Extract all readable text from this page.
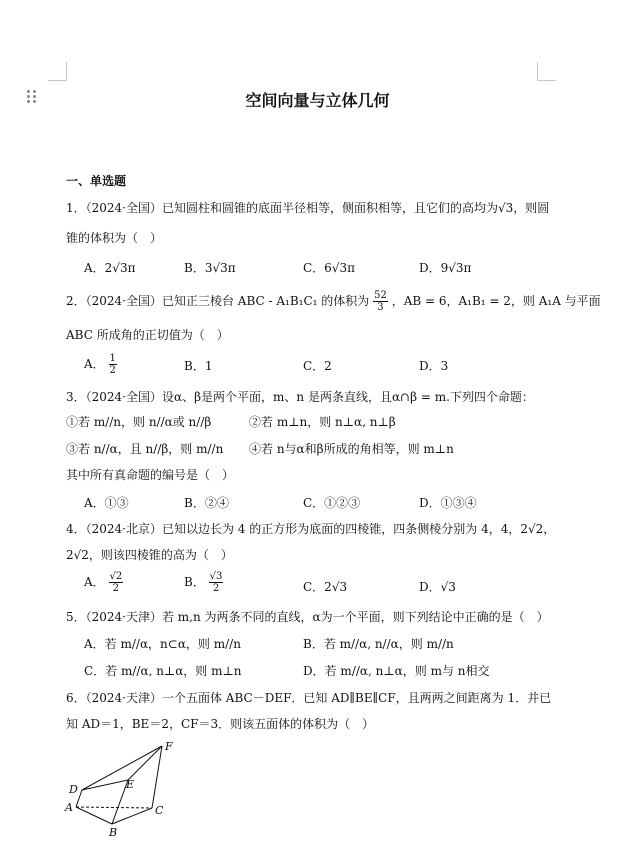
空间向量与立体几何
一、单选题
1．（2024·全国）已知圆柱和圆锥的底面半径相等，侧面积相等，且它们的高均为√3，则圆
锥的体积为（　）
A．2√3π	B．3√3π	C．6√3π	D．9√3π
2．（2024·全国）已知正三棱台 ABC - A₁B₁C₁ 的体积为 $\frac{52}{3}$ ，AB = 6，A₁B₁ = 2，则 A₁A 与平面
ABC 所成角的正切值为（　）
A． $\frac{1}{2}$	B．1	C．2	D．3
3．（2024·全国）设α、β是两个平面，m、n 是两条直线，且α∩β = m.下列四个命题：
①若 m//n，则 n//α或 n//β	②若 m⊥n，则 n⊥α, n⊥β
③若 n//α，且 n//β，则 m//n ④若 n与α和β所成的角相等，则 m⊥n
其中所有真命题的编号是（　）
A．①③	B．②④	C．①②③	D．①③④
4．（2024·北京）已知以边长为 4 的正方形为底面的四棱锥，四条侧棱分别为 4，4，2√2，
2√2，则该四棱锥的高为（　）
A． $\frac{√2}{2}$	B． $\frac{√3}{2}$	C．2√3	D．√3
5．（2024·天津）若 m,n 为两条不同的直线，α为一个平面，则下列结论中正确的是（　）
A．若 m//α，n⊂α，则 m//n	B．若 m//α, n//α，则 m//n
C．若 m//α, n⊥α，则 m⊥n	D．若 m//α, n⊥α，则 m与 n相交
6．（2024·天津）一个五面体 ABC－DEF．已知 AD∥BE∥CF，且两两之间距离为 1．并已
知 AD＝1，BE＝2，CF＝3．则该五面体的体积为（　）
A
B
C
D	E
F
